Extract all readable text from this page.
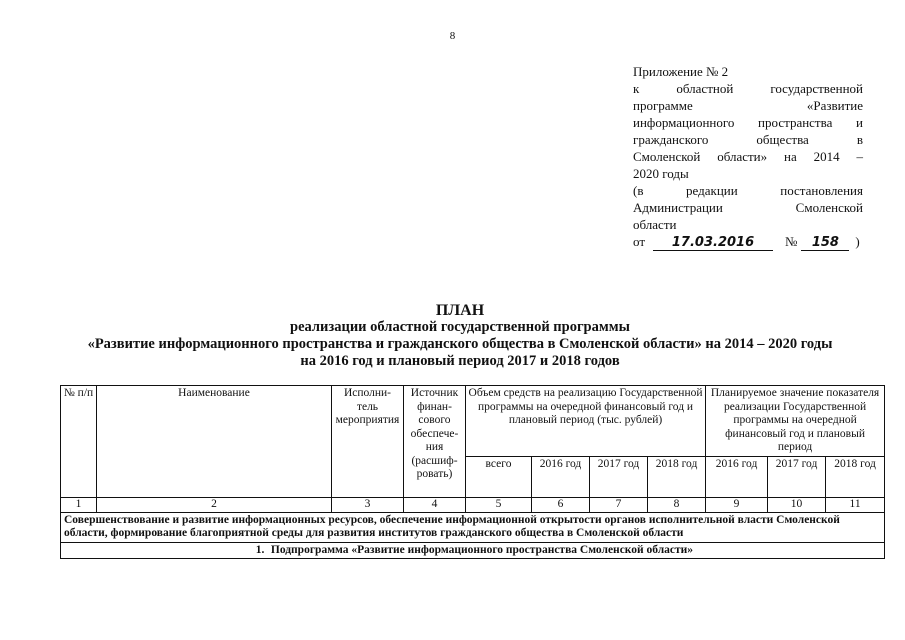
8
Приложение № 2
к	областной	государственной
программе	«Развитие
информационного пространства и
гражданского	общества	в
Смоленской области» на 2014 –
2020 годы
(в	редакции	постановления
Администрации	Смоленской
области
от	17.03.2016	№	158	)
ПЛАН
реализации областной государственной программы
«Развитие информационного пространства и гражданского общества в Смоленской области» на 2014 – 2020 годы
на 2016 год и плановый период 2017 и 2018 годов
№ п/п	Наименование	Исполни-тель мероприятия	Источник финан-сового обеспече-ния (расшиф-ровать)	Объем средств на реализацию Государственной программы на очередной финансовый год и плановый период (тыс. рублей)				Планируемое значение показателя реализации Государственной программы на очередной финансовый год и плановый период		
				всего	2016 год	2017 год	2018 год	2016 год	2017 год	2018 год
1	2	3	4	5	6	7	8	9	10	11
Совершенствование и развитие информационных ресурсов, обеспечение информационной открытости органов исполнительной власти Смоленской области, формирование благоприятной среды для развития институтов гражданского общества в Смоленской области										
1. Подпрограмма «Развитие информационного пространства Смоленской области»										
